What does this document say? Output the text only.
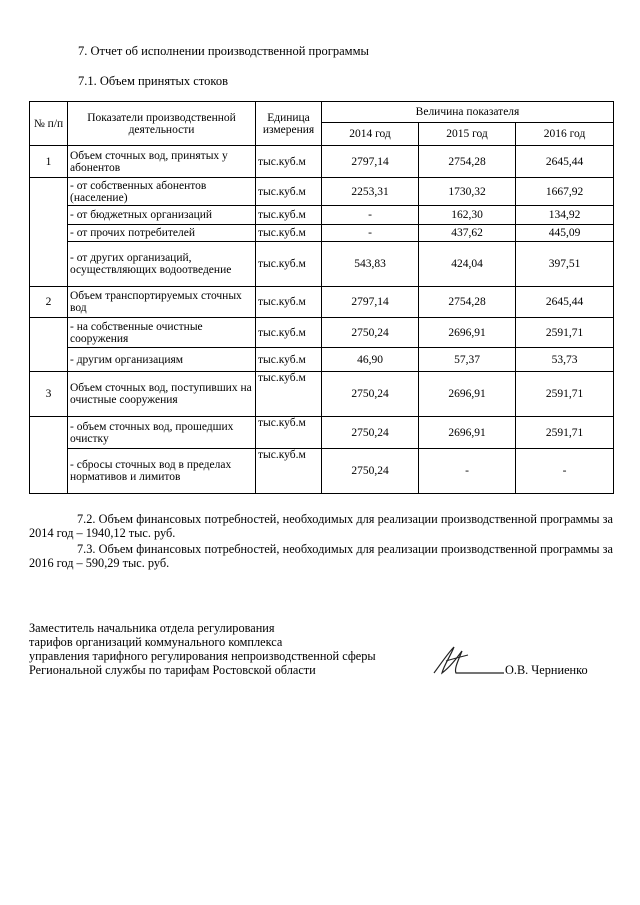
7. Отчет об исполнении производственной программы
7.1. Объем принятых стоков
№ п/п	Показатели производственной деятельности	Единица измерения	Величина показателя		
			2014 год	2015 год	2016 год
1	Объем сточных вод, принятых у абонентов	тыс.куб.м	2797,14	2754,28	2645,44
	- от собственных абонентов (население)	тыс.куб.м	2253,31	1730,32	1667,92
	- от бюджетных организаций	тыс.куб.м	-	162,30	134,92
	- от прочих потребителей	тыс.куб.м	-	437,62	445,09
	- от других организаций, осуществляющих водоотведение	тыс.куб.м	543,83	424,04	397,51
2	Объем транспортируемых сточных вод	тыс.куб.м	2797,14	2754,28	2645,44
	- на собственные очистные сооружения	тыс.куб.м	2750,24	2696,91	2591,71
	- другим организациям	тыс.куб.м	46,90	57,37	53,73
3	Объем сточных вод, поступивших на очистные сооружения	тыс.куб.м	2750,24	2696,91	2591,71
	- объем сточных вод, прошедших очистку	тыс.куб.м	2750,24	2696,91	2591,71
	- сбросы сточных вод в пределах нормативов и лимитов	тыс.куб.м	2750,24	-	-
7.2. Объем финансовых потребностей, необходимых для реализации производственной программы за 2014 год – 1940,12 тыс. руб.
7.3. Объем финансовых потребностей, необходимых для реализации производственной программы за 2016 год – 590,29 тыс. руб.
Заместитель начальника отдела регулирования
тарифов организаций коммунального комплекса
управления тарифного регулирования непроизводственной сферы
Региональной службы по тарифам Ростовской области	О.В. Черниенко
